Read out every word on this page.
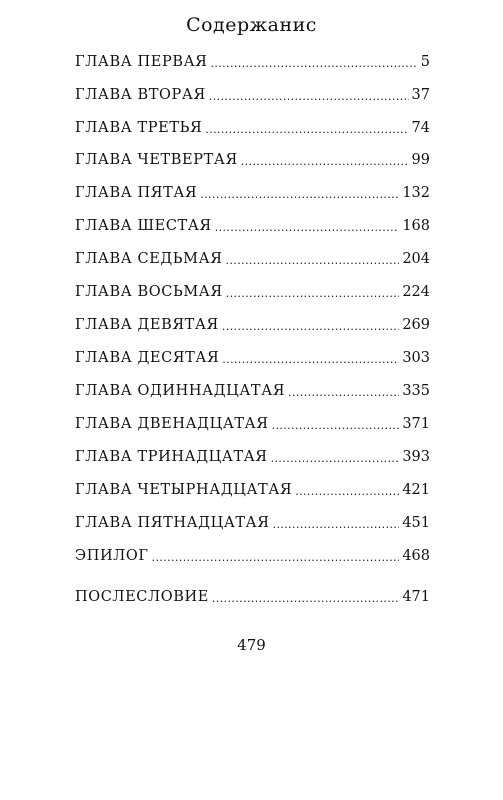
Содержанис
ГЛАВА ПЕРВАЯ .....	5
ГЛАВА ВТОРАЯ .....	37
ГЛАВА ТРЕТЬЯ .....	74
ГЛАВА ЧЕТВЕРТАЯ .....	99
ГЛАВА ПЯТАЯ .....	132
ГЛАВА ШЕСТАЯ .....	168
ГЛАВА СЕДЬМАЯ .....	204
ГЛАВА ВОСЬМАЯ .....	224
ГЛАВА ДЕВЯТАЯ .....	269
ГЛАВА ДЕСЯТАЯ .....	303
ГЛАВА ОДИННАДЦАТАЯ .....	335
ГЛАВА ДВЕНАДЦАТАЯ .....	371
ГЛАВА ТРИНАДЦАТАЯ .....	393
ГЛАВА ЧЕТЫРНАДЦАТАЯ .....	421
ГЛАВА ПЯТНАДЦАТАЯ .....	451
ЭПИЛОГ .....	468
ПОСЛЕСЛОВИЕ .....	471
479
